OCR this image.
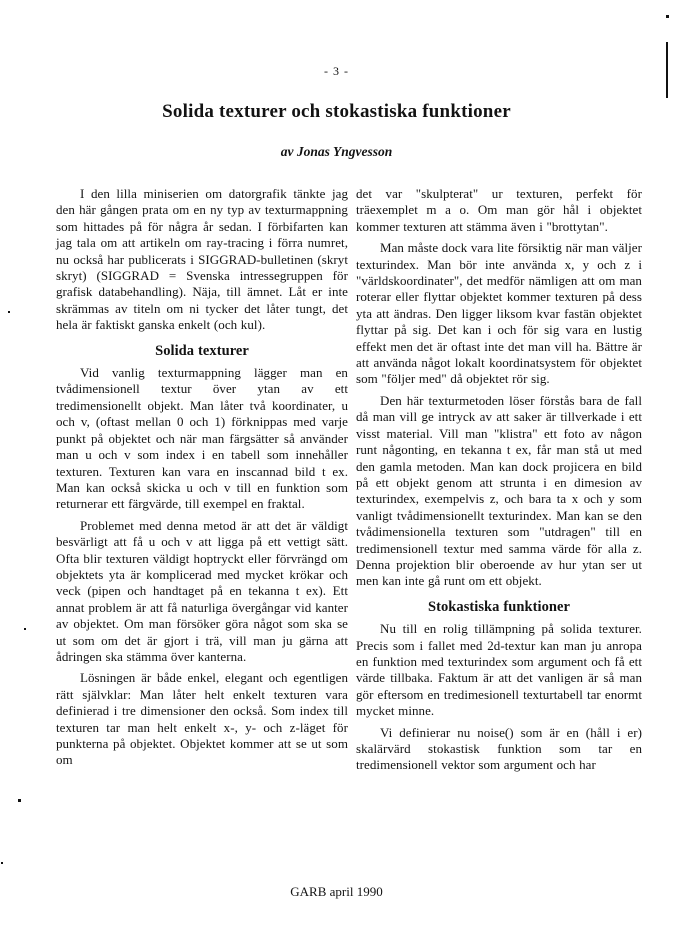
- 3 -
Solida texturer och stokastiska funktioner
av Jonas Yngvesson

I den lilla miniserien om datorgrafik tänkte jag den här gången prata om en ny typ av texturmappning som hittades på för några år sedan. I förbifarten kan jag tala om att artikeln om ray-tracing i förra numret, nu också har publicerats i SIGGRAD-bulletinen (skryt skryt) (SIGGRAD = Svenska intressegruppen för grafisk databehandling). Näja, till ämnet. Låt er inte skrämmas av titeln om ni tycker det låter tungt, det hela är faktiskt ganska enkelt (och kul).

Solida texturer

Vid vanlig texturmappning lägger man en tvådimensionell textur över ytan av ett tredimensionellt objekt. Man låter två koordinater, u och v, (oftast mellan 0 och 1) förknippas med varje punkt på objektet och när man färgsätter så använder man u och v som index i en tabell som innehåller texturen. Texturen kan vara en inscannad bild t ex. Man kan också skicka u och v till en funktion som returnerar ett färgvärde, till exempel en fraktal.

Problemet med denna metod är att det är väldigt besvärligt att få u och v att ligga på ett vettigt sätt. Ofta blir texturen väldigt hoptryckt eller förvrängd om objektets yta är komplicerad med mycket krökar och veck (pipen och handtaget på en tekanna t ex). Ett annat problem är att få naturliga övergångar vid kanter av objektet. Om man försöker göra något som ska se ut som om det är gjort i trä, vill man ju gärna att ådringen ska stämma över kanterna.

Lösningen är både enkel, elegant och egentligen rätt självklar: Man låter helt enkelt texturen vara definierad i tre dimensioner den också. Som index till texturen tar man helt enkelt x-, y- och z-läget för punkterna på objektet. Objektet kommer att se ut som om

det var "skulpterat" ur texturen, perfekt för träexemplet m a o. Om man gör hål i objektet kommer texturen att stämma även i "brottytan".

Man måste dock vara lite försiktig när man väljer texturindex. Man bör inte använda x, y och z i "världskoordinater", det medför nämligen att om man roterar eller flyttar objektet kommer texturen på dess yta att ändras. Den ligger liksom kvar fastän objektet flyttar på sig. Det kan i och för sig vara en lustig effekt men det är oftast inte det man vill ha. Bättre är att använda något lokalt koordinatsystem för objektet som "följer med" då objektet rör sig.

Den här texturmetoden löser förstås bara de fall då man vill ge intryck av att saker är tillverkade i ett visst material. Vill man "klistra" ett foto av någon runt någonting, en tekanna t ex, får man stå ut med den gamla metoden. Man kan dock projicera en bild på ett objekt genom att strunta i en dimesion av texturindex, exempelvis z, och bara ta x och y som vanligt tvådimensionellt texturindex. Man kan se den tvådimensionella texturen som "utdragen" till en tredimensionell textur med samma värde för alla z. Denna projektion blir oberoende av hur ytan ser ut men kan inte gå runt om ett objekt.

Stokastiska funktioner

Nu till en rolig tillämpning på solida texturer. Precis som i fallet med 2d-textur kan man ju anropa en funktion med texturindex som argument och få ett värde tillbaka. Faktum är att det vanligen är så man gör eftersom en tredimesionell texturtabell tar enormt mycket minne.

Vi definierar nu noise() som är en (håll i er) skalärvärd stokastisk funktion som tar en tredimensionell vektor som argument och har

GARB april 1990
